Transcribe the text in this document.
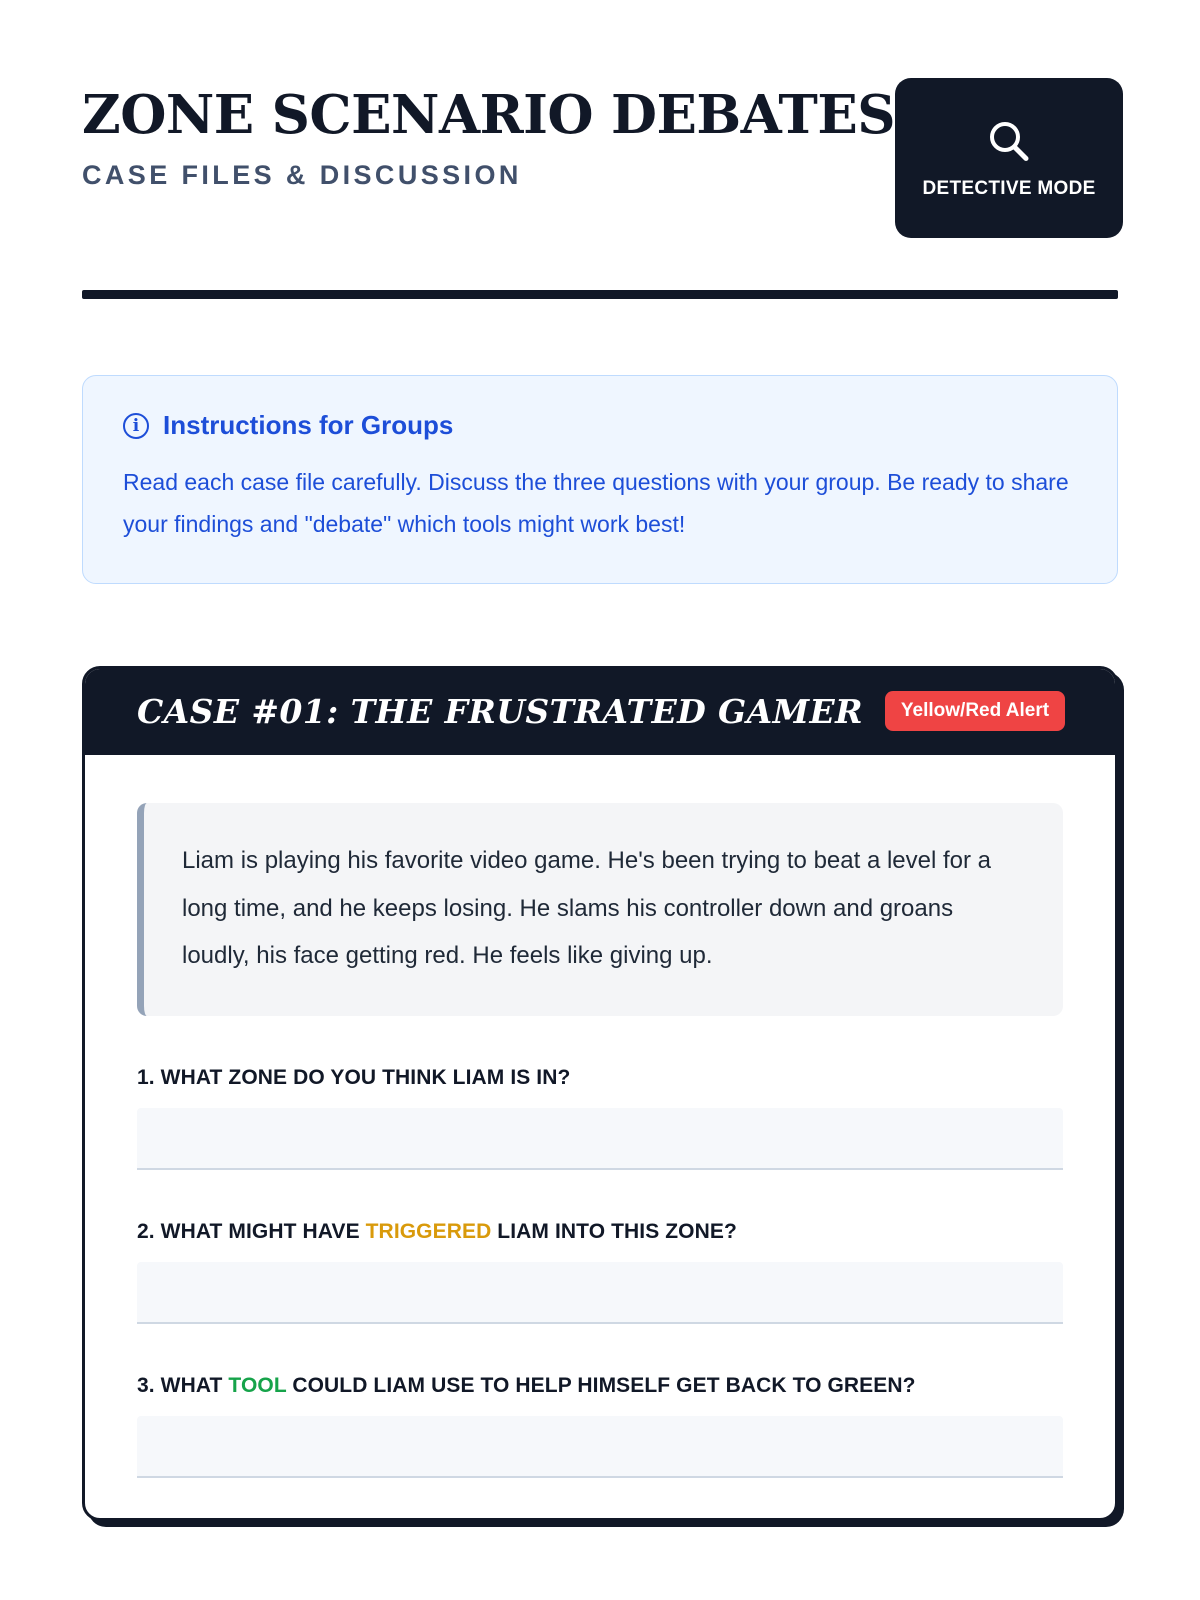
ZONE SCENARIO DEBATES
CASE FILES & DISCUSSION	DETECTIVE MODE
i Instructions for Groups
Read each case file carefully. Discuss the three questions with your group. Be ready to share your findings and "debate" which tools might work best!
CASE #01: THE FRUSTRATED GAMER	Yellow/Red Alert

Liam is playing his favorite video game. He's been trying to beat a level for a long time, and he keeps losing. He slams his controller down and groans loudly, his face getting red. He feels like giving up.

1. WHAT ZONE DO YOU THINK LIAM IS IN?
2. WHAT MIGHT HAVE TRIGGERED LIAM INTO THIS ZONE?
3. WHAT TOOL COULD LIAM USE TO HELP HIMSELF GET BACK TO GREEN?
